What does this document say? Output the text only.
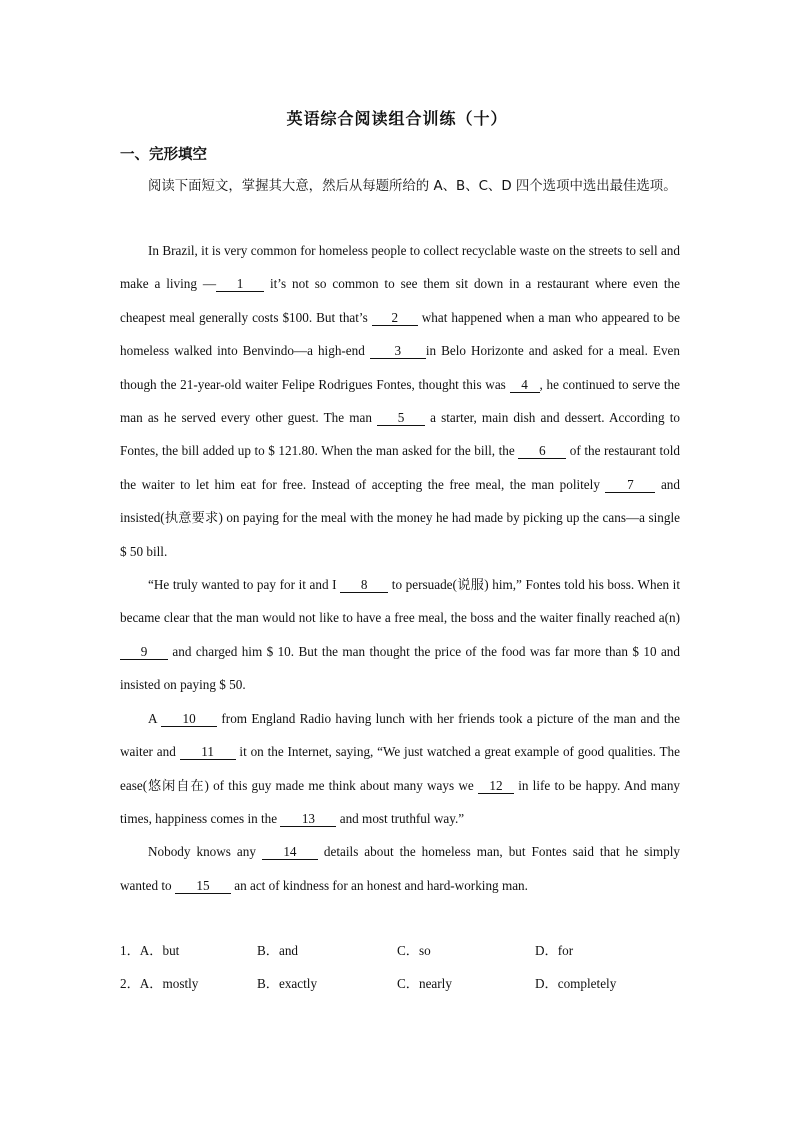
英语综合阅读组合训练（十）
一、完形填空

阅读下面短文，掌握其大意，然后从每题所给的 A、B、C、D 四个选项中选出最佳选项。

In Brazil, it is very common for homeless people to collect recyclable waste on the streets to sell and make a living — 1 it’s not so common to see them sit down in a restaurant where even the cheapest meal generally costs $100. But that’s 2 what happened when a man who appeared to be homeless walked into Benvindo—a high-end 3 in Belo Horizonte and asked for a meal. Even though the 21-year-old waiter Felipe Rodrigues Fontes, thought this was 4 , he continued to serve the man as he served every other guest. The man 5 a starter, main dish and dessert. According to Fontes, the bill added up to $ 121.80. When the man asked for the bill, the 6 of the restaurant told the waiter to let him eat for free. Instead of accepting the free meal, the man politely 7 and insisted(执意要求) on paying for the meal with the money he had made by picking up the cans—a single $ 50 bill.

“He truly wanted to pay for it and I 8 to persuade(说服) him,” Fontes told his boss. When it became clear that the man would not like to have a free meal, the boss and the waiter finally reached a(n) 9 and charged him $ 10. But the man thought the price of the food was far more than $ 10 and insisted on paying $ 50.

A 10 from England Radio having lunch with her friends took a picture of the man and the waiter and 11 it on the Internet, saying, “We just watched a great example of good qualities. The ease(悠闲自在) of this guy made me think about many ways we 12 in life to be happy. And many times, happiness comes in the 13 and most truthful way.”

Nobody knows any 14 details about the homeless man, but Fontes said that he simply wanted to 15 an act of kindness for an honest and hard-working man.

1．A．but	B．and	C．so	D．for
2．A．mostly	B．exactly	C．nearly	D．completely
